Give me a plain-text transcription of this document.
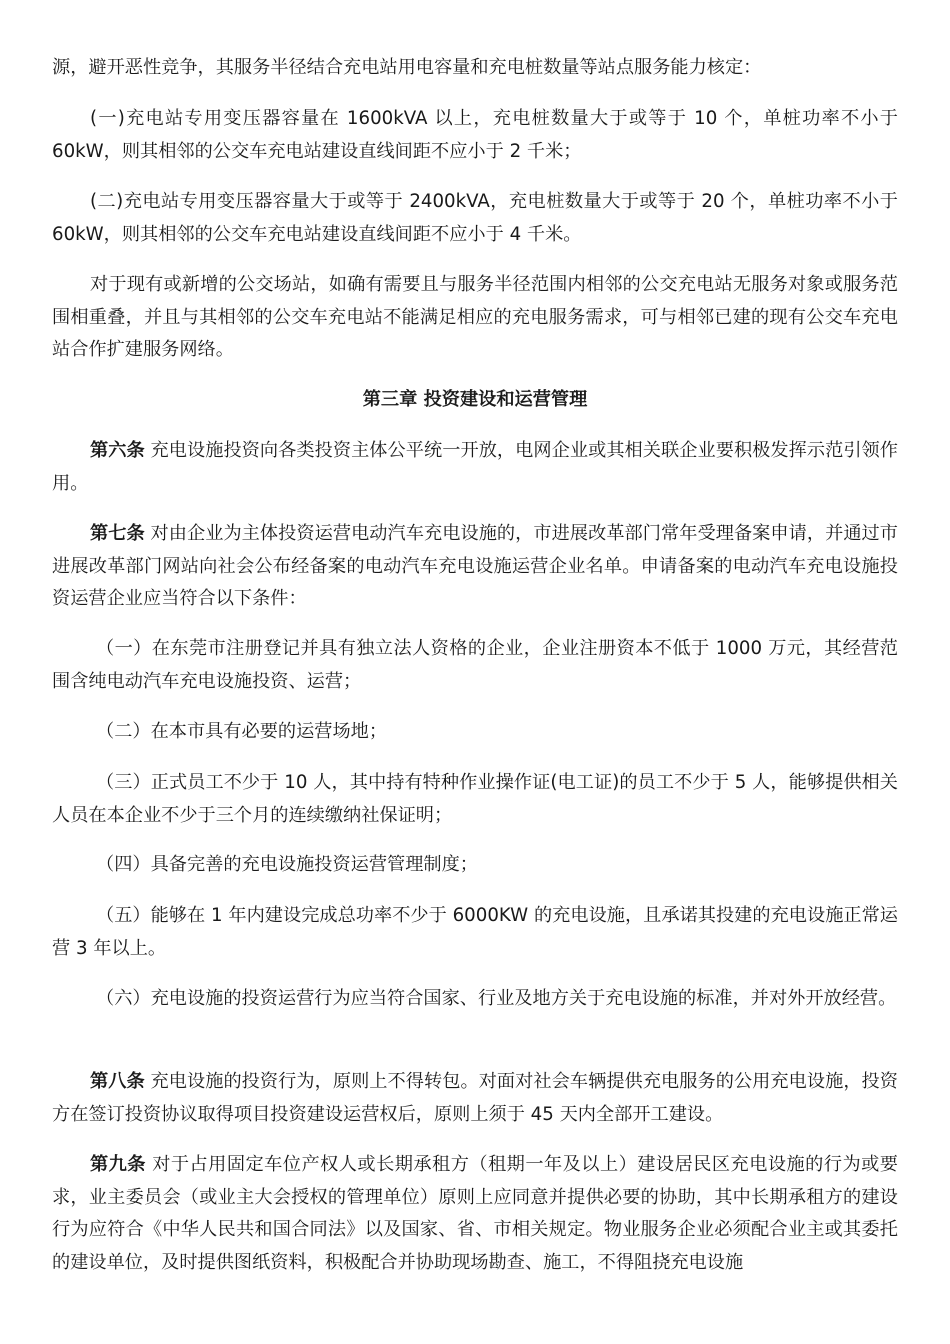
源，避开恶性竞争，其服务半径结合充电站用电容量和充电桩数量等站点服务能力核定：

(一)充电站专用变压器容量在 1600kVA 以上，充电桩数量大于或等于 10 个，单桩功率不小于 60kW，则其相邻的公交车充电站建设直线间距不应小于 2 千米；

(二)充电站专用变压器容量大于或等于 2400kVA，充电桩数量大于或等于 20 个，单桩功率不小于 60kW，则其相邻的公交车充电站建设直线间距不应小于 4 千米。

对于现有或新增的公交场站，如确有需要且与服务半径范围内相邻的公交充电站无服务对象或服务范围相重叠，并且与其相邻的公交车充电站不能满足相应的充电服务需求，可与相邻已建的现有公交车充电站合作扩建服务网络。

第三章 投资建设和运营管理

第六条 充电设施投资向各类投资主体公平统一开放，电网企业或其相关联企业要积极发挥示范引领作用。

第七条 对由企业为主体投资运营电动汽车充电设施的，市进展改革部门常年受理备案申请，并通过市进展改革部门网站向社会公布经备案的电动汽车充电设施运营企业名单。申请备案的电动汽车充电设施投资运营企业应当符合以下条件：

（一）在东莞市注册登记并具有独立法人资格的企业，企业注册资本不低于 1000 万元，其经营范围含纯电动汽车充电设施投资、运营；

（二）在本市具有必要的运营场地；

（三）正式员工不少于 10 人，其中持有特种作业操作证(电工证)的员工不少于 5 人，能够提供相关人员在本企业不少于三个月的连续缴纳社保证明；

（四）具备完善的充电设施投资运营管理制度；

（五）能够在 1 年内建设完成总功率不少于 6000KW 的充电设施，且承诺其投建的充电设施正常运营 3 年以上。

（六）充电设施的投资运营行为应当符合国家、行业及地方关于充电设施的标准，并对外开放经营。

第八条 充电设施的投资行为，原则上不得转包。对面对社会车辆提供充电服务的公用充电设施，投资方在签订投资协议取得项目投资建设运营权后，原则上须于 45 天内全部开工建设。

第九条 对于占用固定车位产权人或长期承租方（租期一年及以上）建设居民区充电设施的行为或要求，业主委员会（或业主大会授权的管理单位）原则上应同意并提供必要的协助，其中长期承租方的建设行为应符合《中华人民共和国合同法》以及国家、省、市相关规定。物业服务企业必须配合业主或其委托的建设单位，及时提供图纸资料，积极配合并协助现场勘查、施工，不得阻挠充电设施
